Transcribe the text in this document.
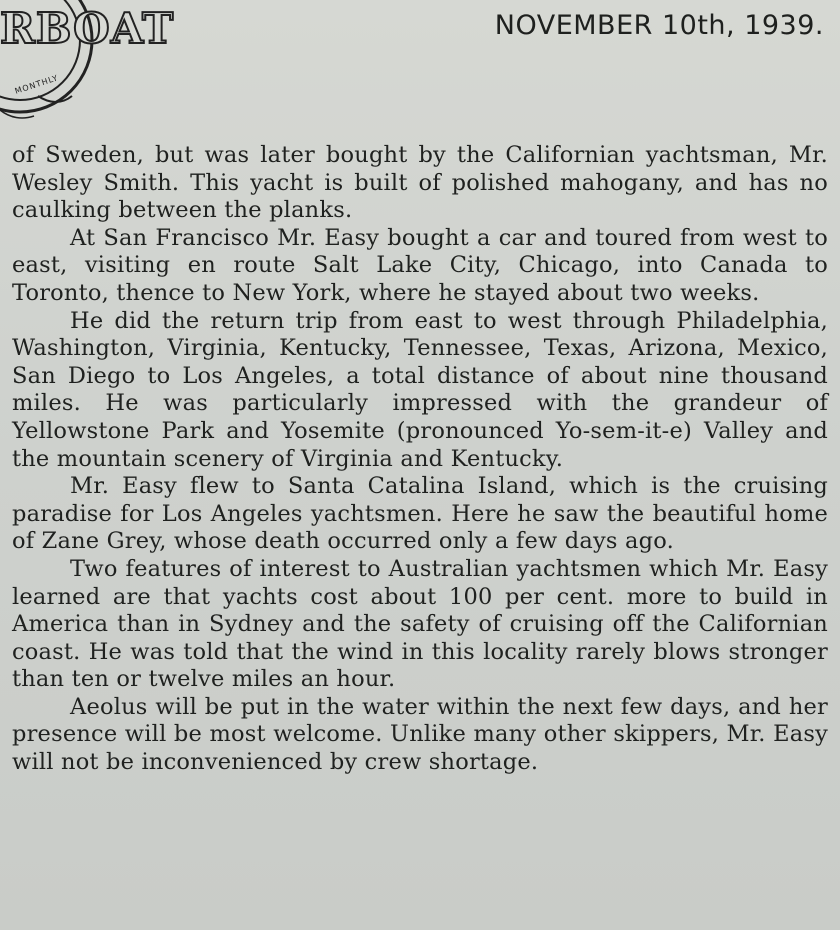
RBOAT
MONTHLY
NOVEMBER 10th, 1939.

of Sweden, but was later bought by the Californian yachtsman, Mr. Wesley Smith. This yacht is built of polished mahogany, and has no caulking between the planks.

At San Francisco Mr. Easy bought a car and toured from west to east, visiting en route Salt Lake City, Chicago, into Canada to Toronto, thence to New York, where he stayed about two weeks.

He did the return trip from east to west through Philadelphia, Washington, Virginia, Kentucky, Tennessee, Texas, Arizona, Mexico, San Diego to Los Angeles, a total distance of about nine thousand miles. He was particularly impressed with the grandeur of Yellowstone Park and Yosemite (pronounced Yo-sem-it-e) Valley and the mountain scenery of Virginia and Kentucky.

Mr. Easy flew to Santa Catalina Island, which is the cruising paradise for Los Angeles yachtsmen. Here he saw the beautiful home of Zane Grey, whose death occurred only a few days ago.

Two features of interest to Australian yachtsmen which Mr. Easy learned are that yachts cost about 100 per cent. more to build in America than in Sydney and the safety of cruising off the Californian coast. He was told that the wind in this locality rarely blows stronger than ten or twelve miles an hour.

Aeolus will be put in the water within the next few days, and her presence will be most welcome. Unlike many other skippers, Mr. Easy will not be inconvenienced by crew shortage.
